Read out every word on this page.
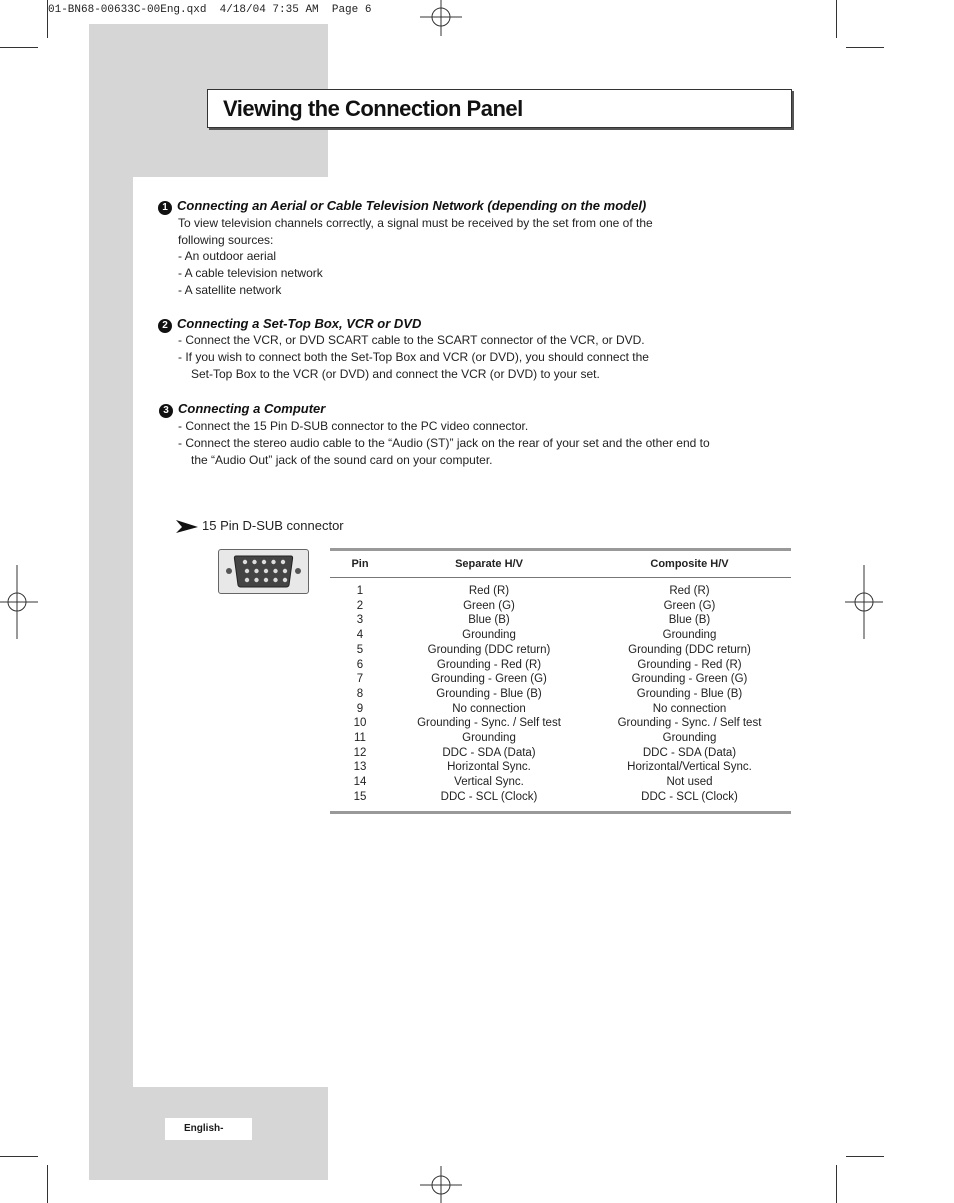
01-BN68-00633C-00Eng.qxd  4/18/04 7:35 AM  Page 6
Viewing the Connection Panel
1 Connecting an Aerial or Cable Television Network (depending on the model)
To view television channels correctly, a signal must be received by the set from one of the
following sources:
- An outdoor aerial
- A cable television network
- A satellite network
2 Connecting a Set-Top Box, VCR or DVD
- Connect the VCR, or DVD SCART cable to the SCART connector of the VCR, or DVD.
- If you wish to connect both the Set-Top Box and VCR (or DVD), you should connect the
Set-Top Box to the VCR (or DVD) and connect the VCR (or DVD) to your set.
3 Connecting a Computer
- Connect the 15 Pin D-SUB connector to the PC video connector.
- Connect the stereo audio cable to the “Audio (ST)” jack on the rear of your set and the other end to
the “Audio Out” jack of the sound card on your computer.
15 Pin D-SUB connector
Pin	Separate H/V	Composite H/V
1	Red (R)	Red (R)
2	Green (G)	Green (G)
3	Blue (B)	Blue (B)
4	Grounding	Grounding
5	Grounding (DDC return)	Grounding (DDC return)
6	Grounding - Red (R)	Grounding - Red (R)
7	Grounding - Green (G)	Grounding - Green (G)
8	Grounding - Blue (B)	Grounding - Blue (B)
9	No connection	No connection
10	Grounding - Sync. / Self test	Grounding - Sync. / Self test
11	Grounding	Grounding
12	DDC - SDA (Data)	DDC - SDA (Data)
13	Horizontal Sync.	Horizontal/Vertical Sync.
14	Vertical Sync.	Not used
15	DDC - SCL (Clock)	DDC - SCL (Clock)
English-
